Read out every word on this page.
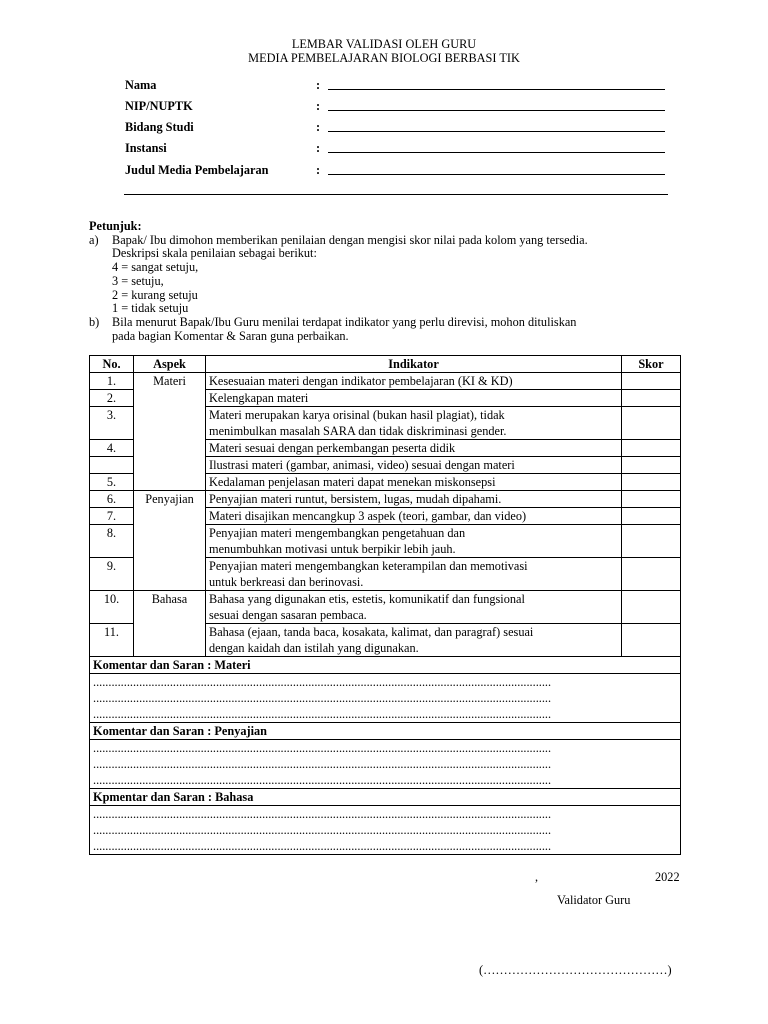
LEMBAR VALIDASI OLEH GURU
MEDIA PEMBELAJARAN BIOLOGI BERBASI TIK
Nama	:
NIP/NUPTK	:
Bidang Studi	:
Instansi	:
Judul Media Pembelajaran	:
Petunjuk:
a) Bapak/ Ibu dimohon memberikan penilaian dengan mengisi skor nilai pada kolom yang tersedia.
Deskripsi skala penilaian sebagai berikut:
4 = sangat setuju,
3 = setuju,
2 = kurang setuju
1 = tidak setuju
b) Bila menurut Bapak/Ibu Guru menilai terdapat indikator yang perlu direvisi, mohon dituliskan
pada bagian Komentar & Saran guna perbaikan.
No.	Aspek	Indikator	Skor
1.	Materi	Kesesuaian materi dengan indikator pembelajaran (KI & KD)	
2.		Kelengkapan materi	
3.		Materi merupakan karya orisinal (bukan hasil plagiat), tidak
menimbulkan masalah SARA dan tidak diskriminasi gender.	

4.		Materi sesuai dengan perkembangan peserta didik	
		Ilustrasi materi (gambar, animasi, video) sesuai dengan materi	
5.		Kedalaman penjelasan materi dapat menekan miskonsepsi	
6.	Penyajian	Penyajian materi runtut, bersistem, lugas, mudah dipahami.	
7.		Materi disajikan mencangkup 3 aspek (teori, gambar, dan video)	
8.		Penyajian materi mengembangkan pengetahuan dan
menumbuhkan motivasi untuk berpikir lebih jauh.	

9.		Penyajian materi mengembangkan keterampilan dan memotivasi
untuk berkreasi dan berinovasi.	

10.	Bahasa	Bahasa yang digunakan etis, estetis, komunikatif dan fungsional
sesuai dengan sasaran pembaca.	

11.		Bahasa (ejaan, tanda baca, kosakata, kalimat, dan paragraf) sesuai
dengan kaidah dan istilah yang digunakan.	

Komentar dan Saran : Materi			

.....................................................................................................................................................
.....................................................................................................................................................
.....................................................................................................................................................			

Komentar dan Saran : Penyajian			

.....................................................................................................................................................
.....................................................................................................................................................
.....................................................................................................................................................			

Kpmentar dan Saran : Bahasa			

.....................................................................................................................................................
.....................................................................................................................................................
.....................................................................................................................................................			
,	2022
Validator Guru
(………………………………………)
